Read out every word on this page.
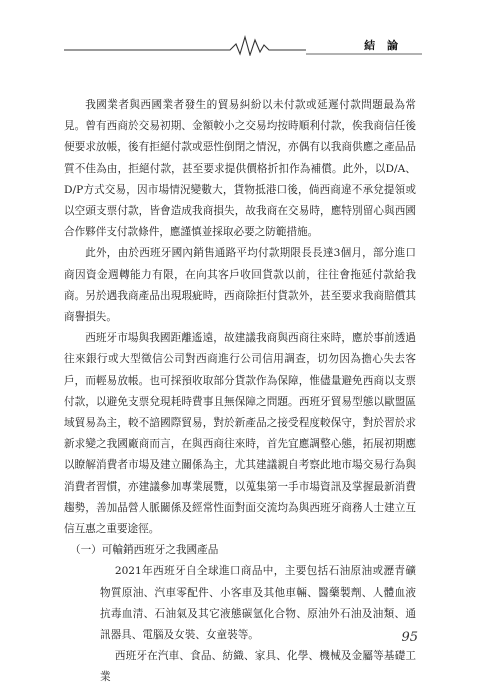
結 論

我國業者與西國業者發生的貿易糾紛以未付款或延遲付款問題最為常見。曾有西商於交易初期、金額較小之交易均按時順利付款，俟我商信任後便要求放帳，後有拒絕付款或惡性倒閉之情況，亦偶有以我商供應之產品品質不佳為由，拒絕付款，甚至要求提供價格折扣作為補償。此外，以D/A、D/P方式交易，因市場情況變數大，貨物抵港口後，倘西商違不承兌提領或以空頭支票付款，皆會造成我商損失，故我商在交易時，應特別留心與西國合作夥伴支付款條件，應謹慎並採取必要之防範措施。

此外，由於西班牙國內銷售通路平均付款期限長長達3個月，部分進口商因資金週轉能力有限，在向其客戶收回貨款以前，往往會拖延付款給我商。另於遇我商產品出現瑕疵時，西商除拒付貨款外，甚至要求我商賠償其商譽損失。

西班牙市場與我國距離遙遠，故建議我商與西商往來時，應於事前透過往來銀行或大型徵信公司對西商進行公司信用調查，切勿因為擔心失去客戶，而輕易放帳。也可採預收取部分貨款作為保障，惟儘量避免西商以支票付款，以避免支票兌現耗時費事且無保障之問題。西班牙貿易型態以歐盟區域貿易為主，較不諳國際貿易，對於新產品之接受程度較保守，對於習於求新求變之我國廠商而言，在與西商往來時，首先宜應調整心態，拓展初期應以瞭解消費者市場及建立關係為主，尤其建議親自考察此地市場交易行為與消費者習慣，亦建議參加專業展覽，以蒐集第一手市場資訊及掌握最新消費趨勢，善加晶營人脈關係及經常性面對面交流均為與西班牙商務人士建立互信互惠之重要途徑。

（一）可輸銷西班牙之我國產品

2021年西班牙自全球進口商品中，主要包括石油原油或瀝青礦物質原油、汽車零配件、小客車及其他車輛、醫藥製劑、人體血液抗毒血清、石油氣及其它液態碳氫化合物、原油外石油及油類、通訊器具、電腦及女裝、女童裝等。

西班牙在汽車、食品、紡織、家具、化學、機械及金屬等基礎工業

95
